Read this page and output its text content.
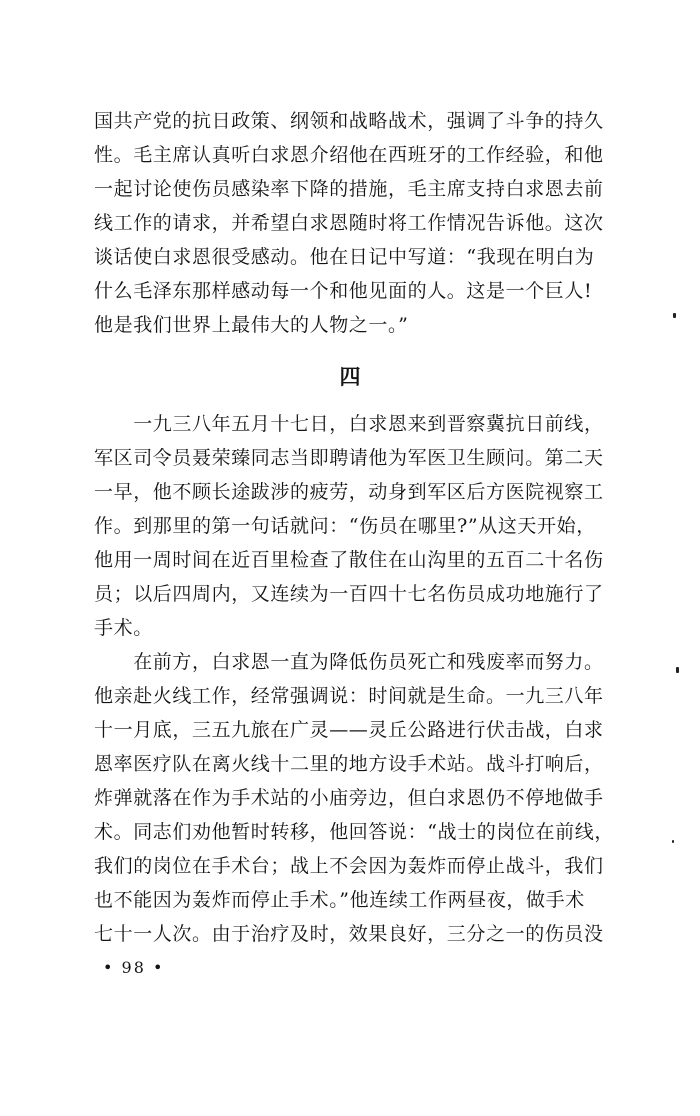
国共产党的抗日政策、纲领和战略战术，强调了斗争的持久
性。毛主席认真听白求恩介绍他在西班牙的工作经验，和他
一起讨论使伤员感染率下降的措施，毛主席支持白求恩去前
线工作的请求，并希望白求恩随时将工作情况告诉他。这次
谈话使白求恩很受感动。他在日记中写道：“我现在明白为
什么毛泽东那样感动每一个和他见面的人。这是一个巨人!
他是我们世界上最伟大的人物之一。”
四
　　一九三八年五月十七日，白求恩来到晋察冀抗日前线，
军区司令员聂荣臻同志当即聘请他为军医卫生顾问。第二天
一早，他不顾长途跋涉的疲劳，动身到军区后方医院视察工
作。到那里的第一句话就问：“伤员在哪里?”从这天开始，
他用一周时间在近百里检查了散住在山沟里的五百二十名伤
员；以后四周内，又连续为一百四十七名伤员成功地施行了
手术。
　　在前方，白求恩一直为降低伤员死亡和残废率而努力。
他亲赴火线工作，经常强调说：时间就是生命。一九三八年
十一月底，三五九旅在广灵——灵丘公路进行伏击战，白求
恩率医疗队在离火线十二里的地方设手术站。战斗打响后，
炸弹就落在作为手术站的小庙旁边，但白求恩仍不停地做手
术。同志们劝他暂时转移，他回答说：“战士的岗位在前线，
我们的岗位在手术台；战上不会因为轰炸而停止战斗，我们
也不能因为轰炸而停止手术。”他连续工作两昼夜，做手术
七十一人次。由于治疗及时，效果良好，三分之一的伤员没
• 98 •
